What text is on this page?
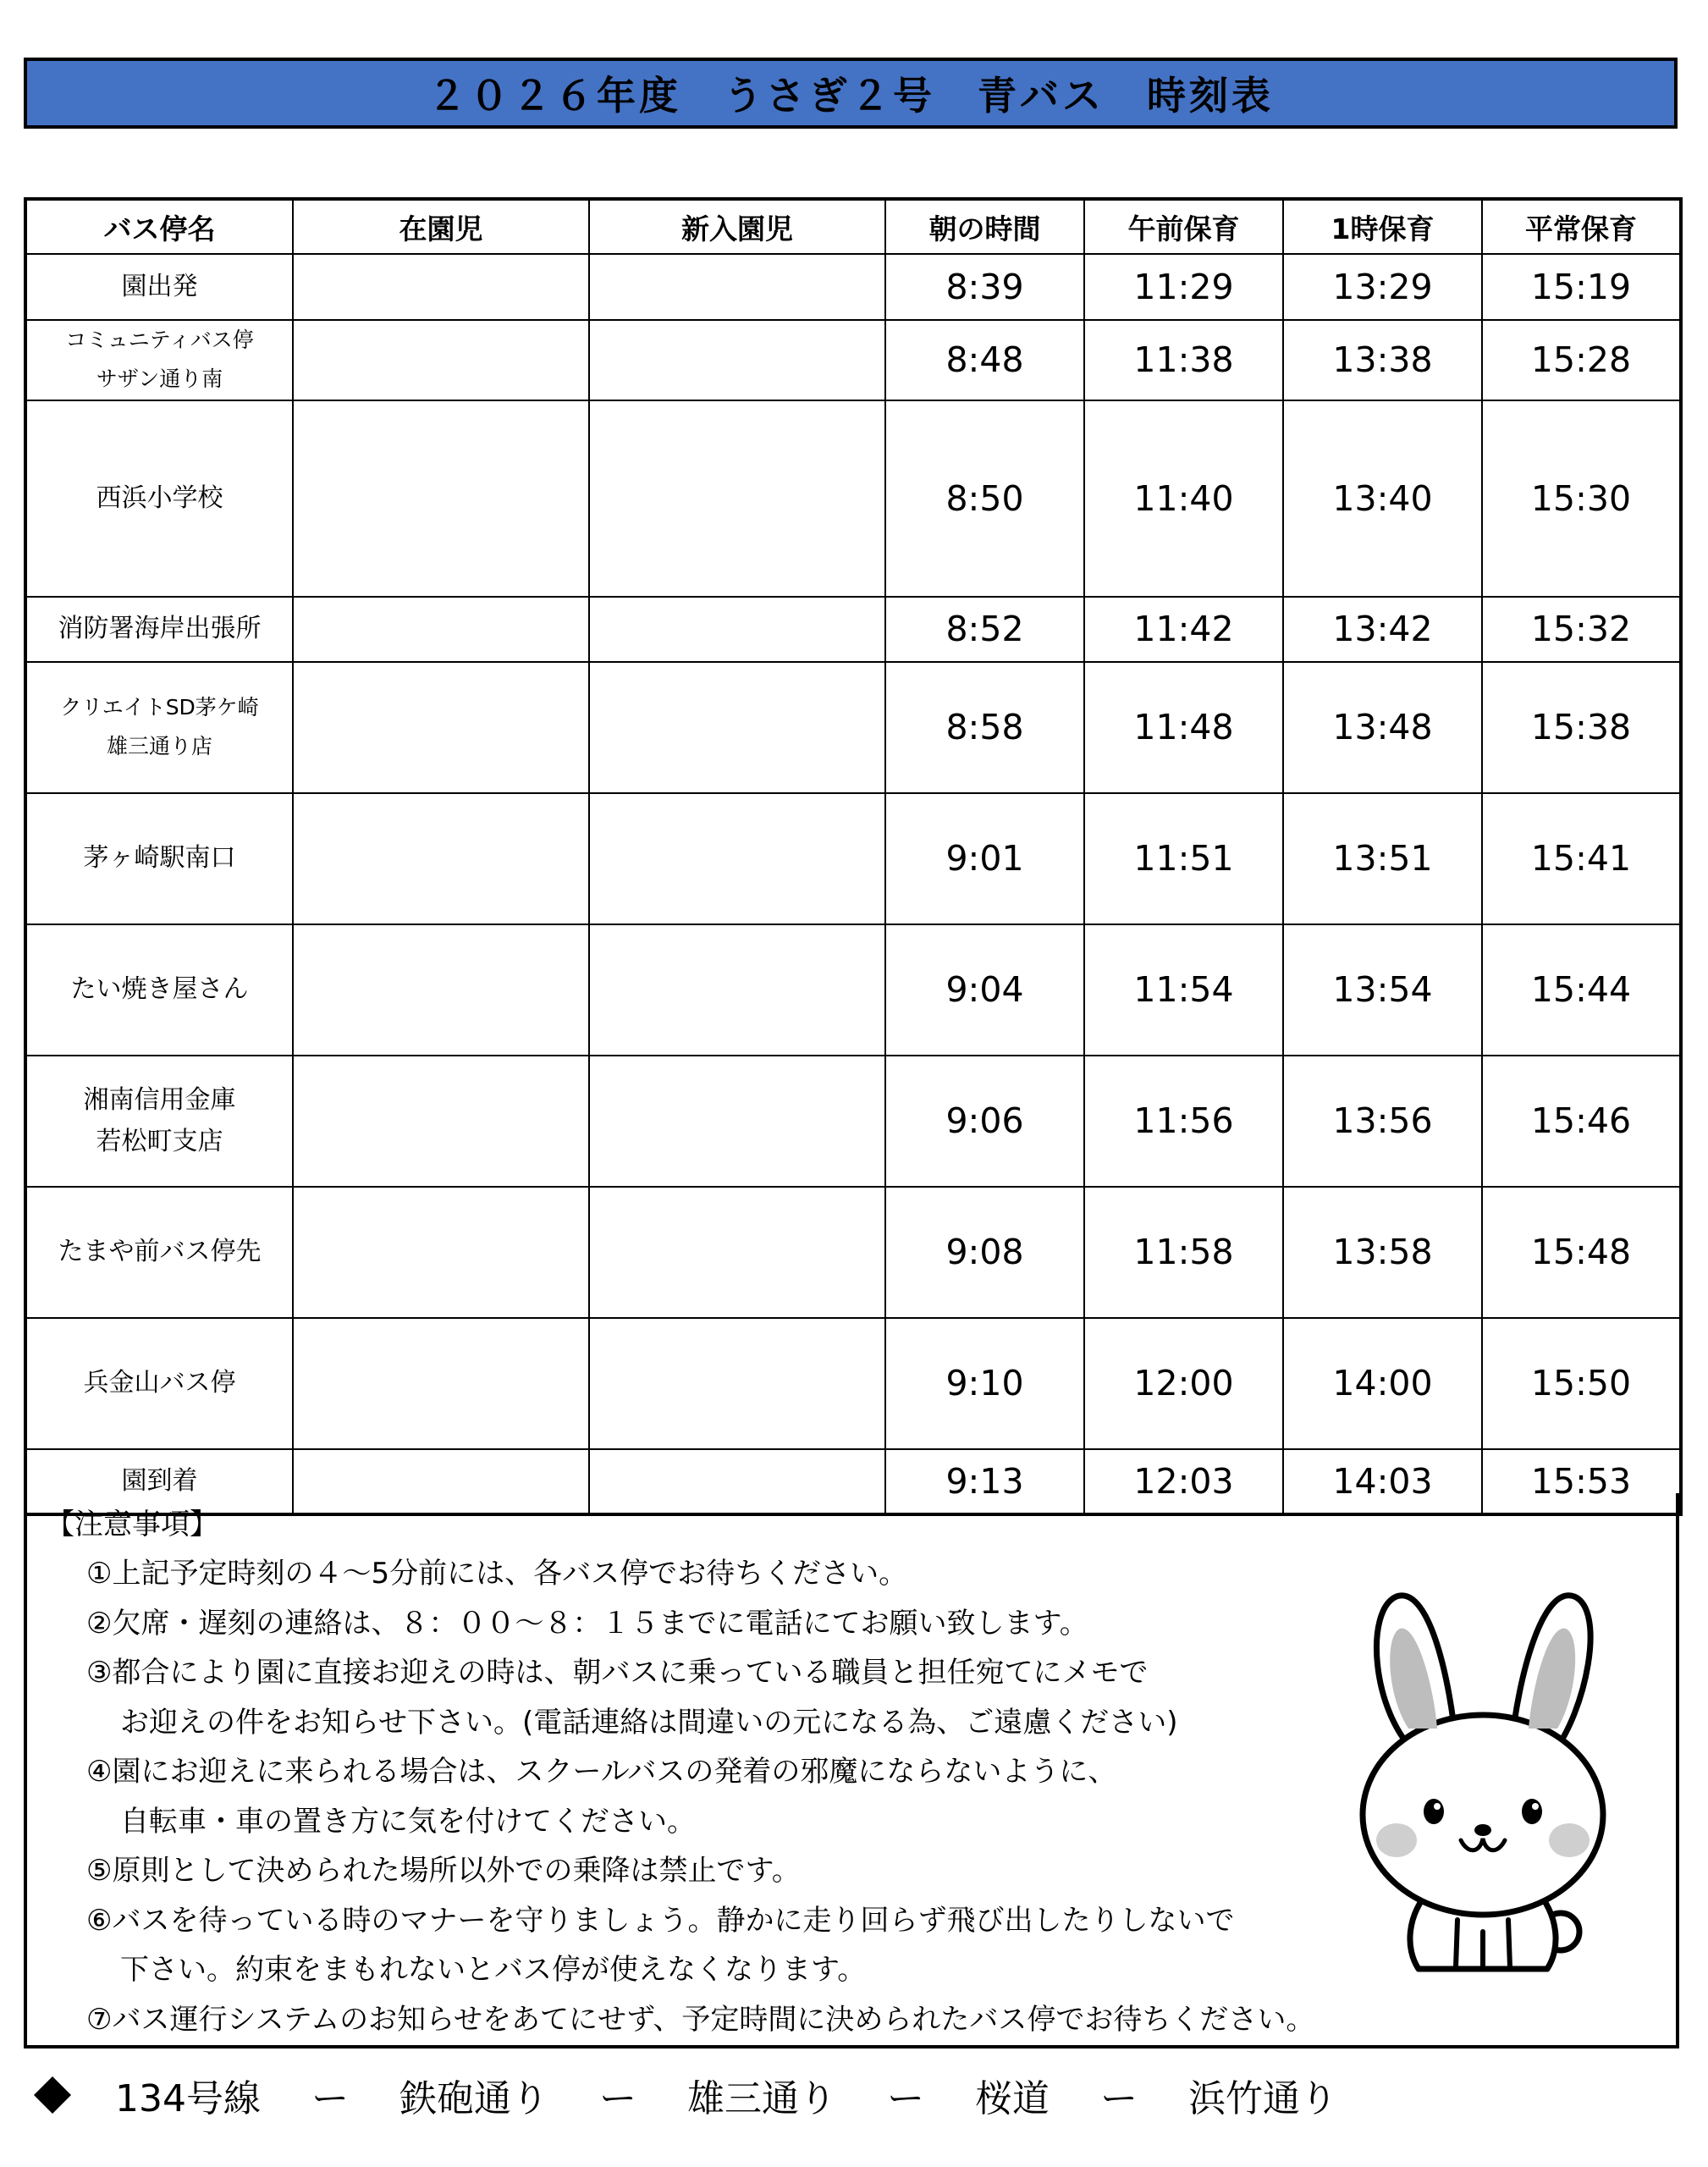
２０２６年度　うさぎ２号　青バス　時刻表
バス停名	在園児	新入園児	朝の時間	午前保育	1時保育	平常保育
園出発			8:39	11:29	13:29	15:19
コミュニティバス停
サザン通り南			8:48	11:38	13:38	15:28
西浜小学校			8:50	11:40	13:40	15:30
消防署海岸出張所			8:52	11:42	13:42	15:32
クリエイトSD茅ケ崎
雄三通り店			8:58	11:48	13:48	15:38
茅ヶ崎駅南口			9:01	11:51	13:51	15:41
たい焼き屋さん			9:04	11:54	13:54	15:44
湘南信用金庫
若松町支店			9:06	11:56	13:56	15:46
たまや前バス停先			9:08	11:58	13:58	15:48
兵金山バス停			9:10	12:00	14:00	15:50
園到着			9:13	12:03	14:03	15:53
【注意事項】
①上記予定時刻の４〜5分前には、各バス停でお待ちください。
②欠席・遅刻の連絡は、８：００〜８：１５までに電話にてお願い致します。
③都合により園に直接お迎えの時は、朝バスに乗っている職員と担任宛てにメモで
お迎えの件をお知らせ下さい。(電話連絡は間違いの元になる為、ご遠慮ください)
④園にお迎えに来られる場合は、スクールバスの発着の邪魔にならないように、
自転車・車の置き方に気を付けてください。
⑤原則として決められた場所以外での乗降は禁止です。
⑥バスを待っている時のマナーを守りましょう。静かに走り回らず飛び出したりしないで
下さい。約束をまもれないとバス停が使えなくなります。
⑦バス運行システムのお知らせをあてにせず、予定時間に決められたバス停でお待ちください。
134号線 ー 鉄砲通り ー 雄三通り ー 桜道 ー 浜竹通り
